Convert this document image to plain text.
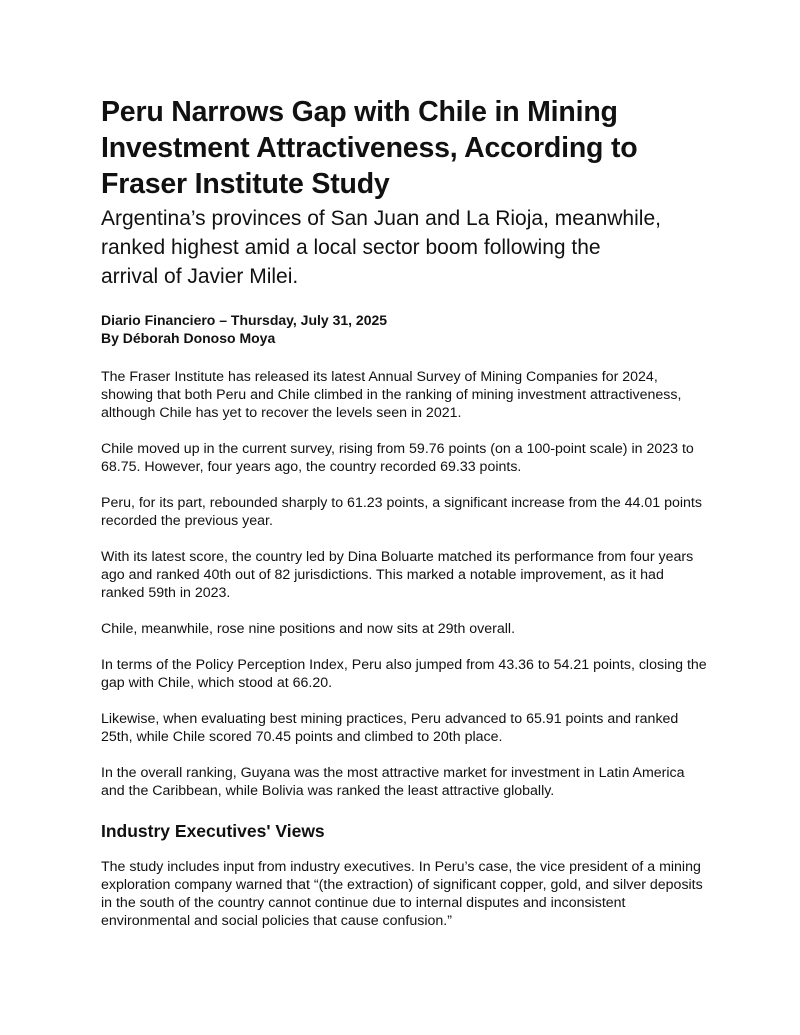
Peru Narrows Gap with Chile in Mining Investment Attractiveness, According to Fraser Institute Study

Argentina’s provinces of San Juan and La Rioja, meanwhile, ranked highest amid a local sector boom following the arrival of Javier Milei.

Diario Financiero – Thursday, July 31, 2025
By Déborah Donoso Moya

The Fraser Institute has released its latest Annual Survey of Mining Companies for 2024, showing that both Peru and Chile climbed in the ranking of mining investment attractiveness, although Chile has yet to recover the levels seen in 2021.

Chile moved up in the current survey, rising from 59.76 points (on a 100-point scale) in 2023 to 68.75. However, four years ago, the country recorded 69.33 points.

Peru, for its part, rebounded sharply to 61.23 points, a significant increase from the 44.01 points recorded the previous year.

With its latest score, the country led by Dina Boluarte matched its performance from four years ago and ranked 40th out of 82 jurisdictions. This marked a notable improvement, as it had ranked 59th in 2023.

Chile, meanwhile, rose nine positions and now sits at 29th overall.

In terms of the Policy Perception Index, Peru also jumped from 43.36 to 54.21 points, closing the gap with Chile, which stood at 66.20.

Likewise, when evaluating best mining practices, Peru advanced to 65.91 points and ranked 25th, while Chile scored 70.45 points and climbed to 20th place.

In the overall ranking, Guyana was the most attractive market for investment in Latin America and the Caribbean, while Bolivia was ranked the least attractive globally.

Industry Executives' Views

The study includes input from industry executives. In Peru’s case, the vice president of a mining exploration company warned that “(the extraction) of significant copper, gold, and silver deposits in the south of the country cannot continue due to internal disputes and inconsistent environmental and social policies that cause confusion.”
